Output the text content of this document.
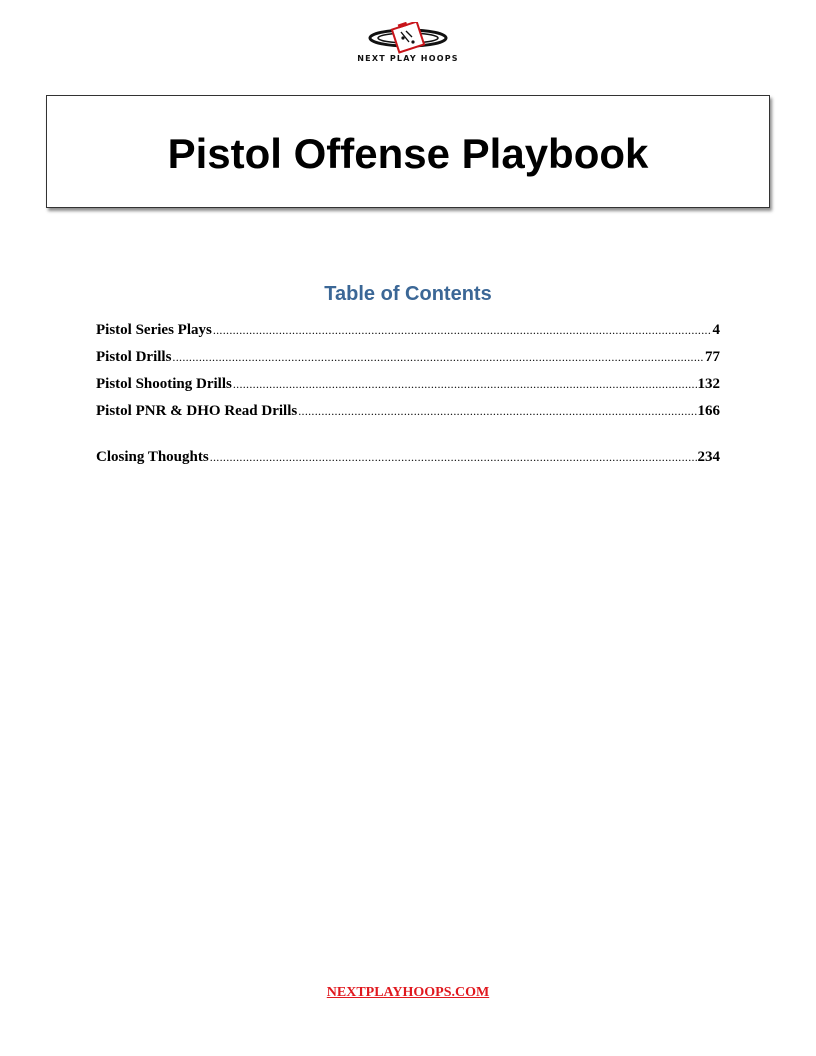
NEXT PLAY HOOPS
Pistol Offense Playbook
Table of Contents
Pistol Series Plays .....	4
Pistol Drills .....	77
Pistol Shooting Drills .....	132
Pistol PNR & DHO Read Drills .....	166
Closing Thoughts .....	234
NEXTPLAYHOOPS.COM
